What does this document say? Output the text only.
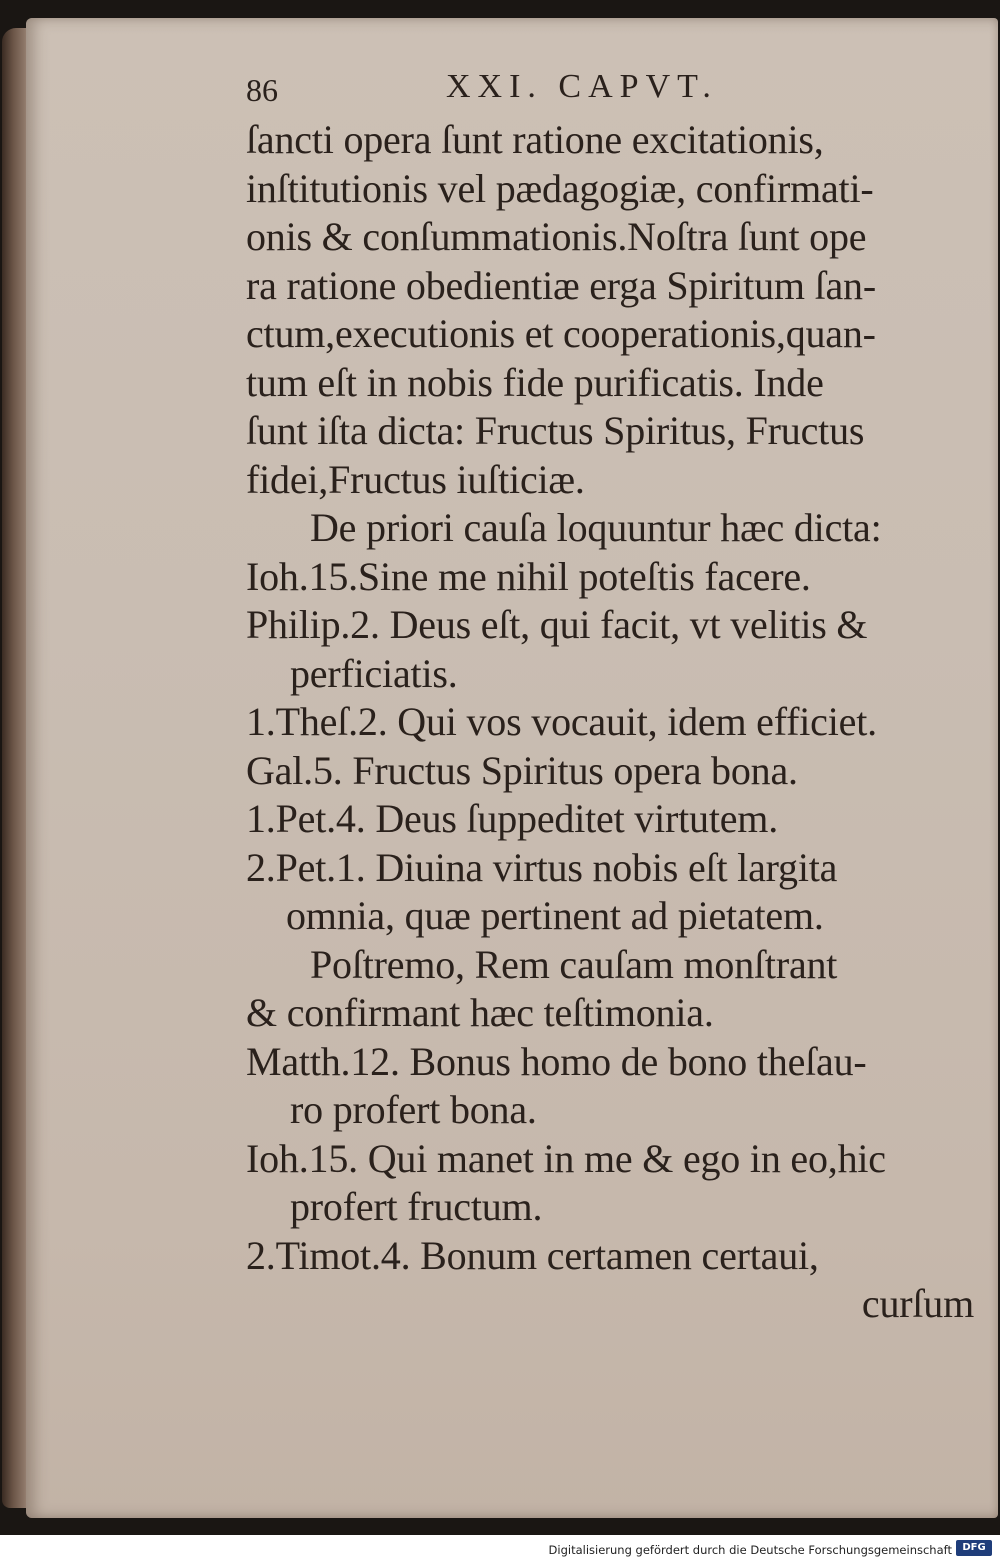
86	XXI. CAPVT.
ſancti opera ſunt ratione excitationis,
inſtitutionis vel pædagogiæ, confirmati-
onis & conſummationis.Noſtra ſunt ope
ra ratione obedientiæ erga Spiritum ſan-
ctum,executionis et cooperationis,quan-
tum eſt in nobis fide purificatis. Inde
ſunt iſta dicta: Fructus Spiritus, Fructus
fidei,Fructus iuſticiæ.
De priori cauſa loquuntur hæc dicta:
Ioh.15.Sine me nihil poteſtis facere.
Philip.2. Deus eſt, qui facit, vt velitis &
perficiatis.
1.Theſ.2. Qui vos vocauit, idem efficiet.
Gal.5. Fructus Spiritus opera bona.
1.Pet.4. Deus ſuppeditet virtutem.
2.Pet.1. Diuina virtus nobis eſt largita
omnia, quæ pertinent ad pietatem.
Poſtremo, Rem cauſam monſtrant
& confirmant hæc teſtimonia.
Matth.12. Bonus homo de bono theſau-
ro profert bona.
Ioh.15. Qui manet in me & ego in eo,hic
profert fructum.
2.Timot.4. Bonum certamen certaui,
curſum
Digitalisierung gefördert durch die Deutsche Forschungsgemeinschaft	DFG
